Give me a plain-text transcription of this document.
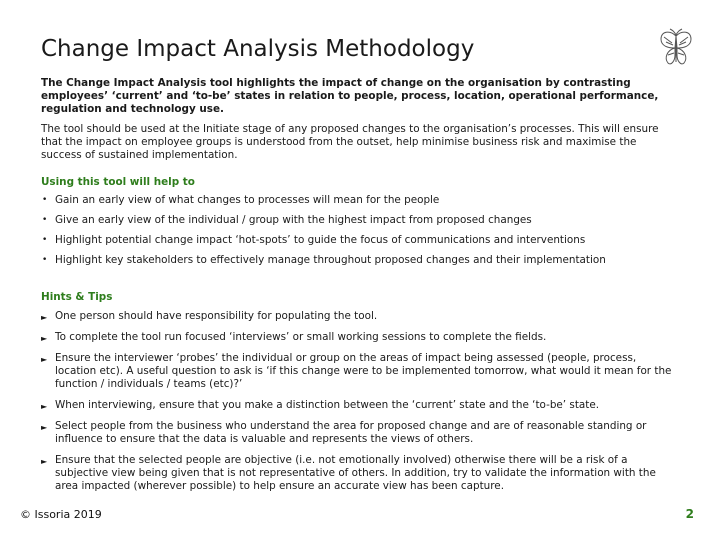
Change Impact Analysis Methodology
The Change Impact Analysis tool highlights the impact of change on the organisation by contrasting employees’ ‘current’ and ‘to-be’ states in relation to people, process, location, operational performance, regulation and technology use.
The tool should be used at the Initiate stage of any proposed changes to the organisation’s processes. This will ensure that the impact on employee groups is understood from the outset, help minimise business risk and maximise the success of sustained implementation.
Using this tool will help to
• Gain an early view of what changes to processes will mean for the people
• Give an early view of the individual / group with the highest impact from proposed changes
• Highlight potential change impact ‘hot-spots’ to guide the focus of communications and interventions
• Highlight key stakeholders to effectively manage throughout proposed changes and their implementation
Hints & Tips
► One person should have responsibility for populating the tool.
► To complete the tool run focused ‘interviews’ or small working sessions to complete the fields.
► Ensure the interviewer ‘probes’ the individual or group on the areas of impact being assessed (people, process, location etc). A useful question to ask is ‘if this change were to be implemented tomorrow, what would it mean for the function / individuals / teams (etc)?’
► When interviewing, ensure that you make a distinction between the ‘current’ state and the ‘to-be’ state.
► Select people from the business who understand the area for proposed change and are of reasonable standing or influence to ensure that the data is valuable and represents the views of others.
► Ensure that the selected people are objective (i.e. not emotionally involved) otherwise there will be a risk of a subjective view being given that is not representative of others. In addition, try to validate the information with the area impacted (wherever possible) to help ensure an accurate view has been capture.
© Issoria 2019	2
